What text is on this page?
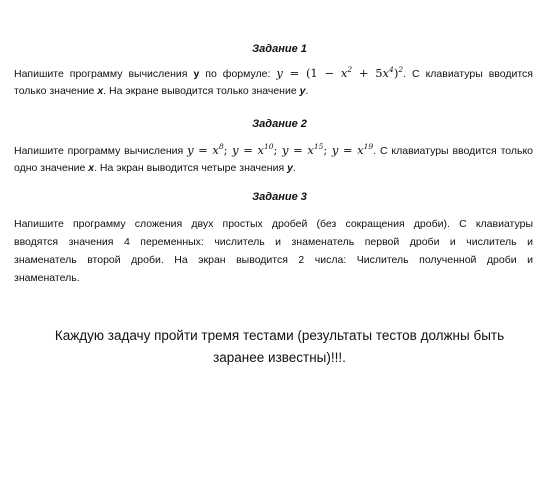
Задание 1
Напишите программу вычисления y по формуле: $y = (1 - x^2 + 5x^4)^2$. С клавиатуры вводится
только значение x. На экране выводится только значение y.
Задание 2
Напишите программу вычисления $y = x^8$; $y = x^{10}$; $y = x^{15}$; $y = x^{19}$. С клавиатуры вводится только
одно значение x. На экран выводится четыре значения y.
Задание 3
Напишите программу сложения двух простых дробей (без сокращения дроби). С клавиатуры
вводятся значения 4 переменных: числитель и знаменатель первой дроби и числитель и
знаменатель второй дроби. На экран выводится 2 числа: Числитель полученной дроби и
знаменатель.
Каждую задачу пройти тремя тестами (результаты тестов должны быть
заранее известны)!!!.
